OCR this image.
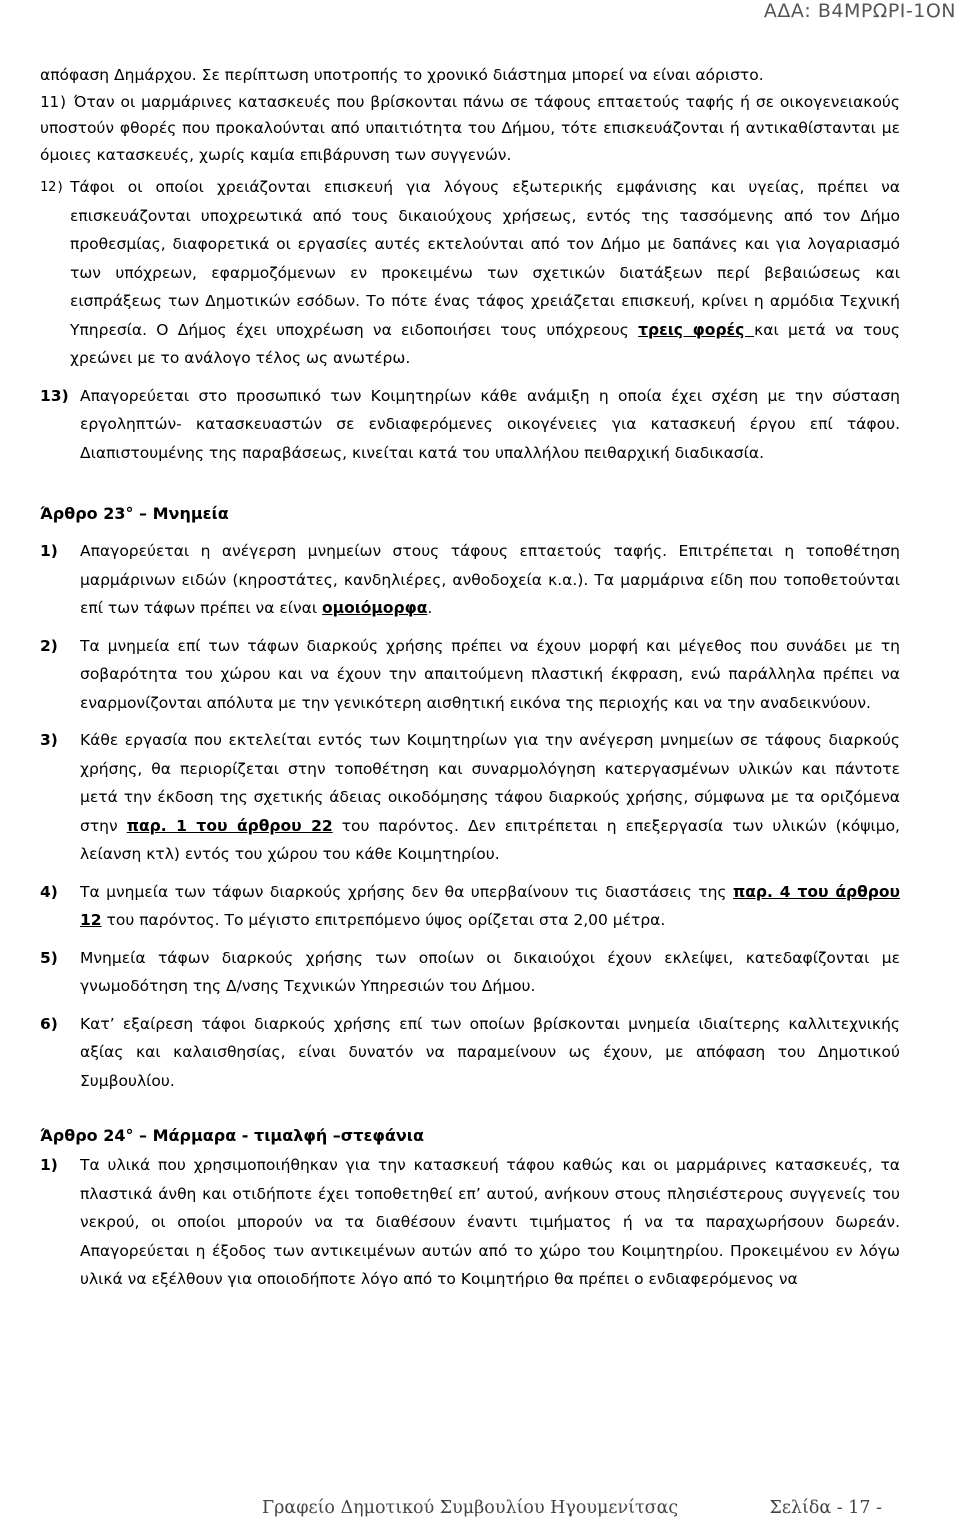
ΑΔΑ: Β4ΜΡΩΡΙ-1ΟΝ

απόφαση Δημάρχου. Σε περίπτωση υποτροπής το χρονικό διάστημα μπορεί να είναι αόριστο.

11) Όταν οι μαρμάρινες κατασκευές που βρίσκονται πάνω σε τάφους επταετούς ταφής ή σε οικογενειακούς υποστούν φθορές που προκαλούνται από υπαιτιότητα του Δήμου, τότε επισκευάζονται ή αντικαθίστανται με όμοιες κατασκευές, χωρίς καμία επιβάρυνση των συγγενών.
12) Τάφοι οι οποίοι χρειάζονται επισκευή για λόγους εξωτερικής εμφάνισης και υγείας, πρέπει να επισκευάζονται υποχρεωτικά από τους δικαιούχους χρήσεως, εντός της τασσόμενης από τον Δήμο προθεσμίας, διαφορετικά οι εργασίες αυτές εκτελούνται από τον Δήμο με δαπάνες και για λογαριασμό των υπόχρεων, εφαρμοζόμενων εν προκειμένω των σχετικών διατάξεων περί βεβαιώσεως και εισπράξεως των Δημοτικών εσόδων. Το πότε ένας τάφος χρειάζεται επισκευή, κρίνει η αρμόδια Τεχνική Υπηρεσία. Ο Δήμος έχει υποχρέωση να ειδοποιήσει τους υπόχρεους τρεις φορές και μετά να τους χρεώνει με το ανάλογο τέλος ως ανωτέρω.
13) Απαγορεύεται στο προσωπικό των Κοιμητηρίων κάθε ανάμιξη η οποία έχει σχέση με την σύσταση εργοληπτών- κατασκευαστών σε ενδιαφερόμενες οικογένειες για κατασκευή έργου επί τάφου. Διαπιστουμένης της παραβάσεως, κινείται κατά του υπαλλήλου πειθαρχική διαδικασία.
Άρθρο 23° – Μνημεία
1)	Απαγορεύεται η ανέγερση μνημείων στους τάφους επταετούς ταφής. Επιτρέπεται η τοποθέτηση μαρμάρινων ειδών (κηροστάτες, κανδηλιέρες, ανθοδοχεία κ.α.). Τα μαρμάρινα είδη που τοποθετούνται επί των τάφων πρέπει να είναι ομοιόμορφα.
2)	Τα μνημεία επί των τάφων διαρκούς χρήσης πρέπει να έχουν μορφή και μέγεθος που συνάδει με τη σοβαρότητα του χώρου και να έχουν την απαιτούμενη πλαστική έκφραση, ενώ παράλληλα πρέπει να εναρμονίζονται απόλυτα με την γενικότερη αισθητική εικόνα της περιοχής και να την αναδεικνύουν.
3)	Κάθε εργασία που εκτελείται εντός των Κοιμητηρίων για την ανέγερση μνημείων σε τάφους διαρκούς χρήσης, θα περιορίζεται στην τοποθέτηση και συναρμολόγηση κατεργασμένων υλικών και πάντοτε μετά την έκδοση της σχετικής άδειας οικοδόμησης τάφου διαρκούς χρήσης, σύμφωνα με τα οριζόμενα στην παρ. 1 του άρθρου 22 του παρόντος. Δεν επιτρέπεται η επεξεργασία των υλικών (κόψιμο, λείανση κτλ) εντός του χώρου του κάθε Κοιμητηρίου.
4)	Τα μνημεία των τάφων διαρκούς χρήσης δεν θα υπερβαίνουν τις διαστάσεις της παρ. 4 του άρθρου 12 του παρόντος. Το μέγιστο επιτρεπόμενο ύψος ορίζεται στα 2,00 μέτρα.
5)	Μνημεία τάφων διαρκούς χρήσης των οποίων οι δικαιούχοι έχουν εκλείψει, κατεδαφίζονται με γνωμοδότηση της Δ/νσης Τεχνικών Υπηρεσιών του Δήμου.
6)	Κατ’ εξαίρεση τάφοι διαρκούς χρήσης επί των οποίων βρίσκονται μνημεία ιδιαίτερης καλλιτεχνικής αξίας και καλαισθησίας, είναι δυνατόν να παραμείνουν ως έχουν, με απόφαση του Δημοτικού Συμβουλίου.
Άρθρο 24° – Μάρμαρα - τιμαλφή –στεφάνια
1)	Τα υλικά που χρησιμοποιήθηκαν για την κατασκευή τάφου καθώς και οι μαρμάρινες κατασκευές, τα πλαστικά άνθη και οτιδήποτε έχει τοποθετηθεί επ’ αυτού, ανήκουν στους πλησιέστερους συγγενείς του νεκρού, οι οποίοι μπορούν να τα διαθέσουν έναντι τιμήματος ή να τα παραχωρήσουν δωρεάν. Απαγορεύεται η έξοδος των αντικειμένων αυτών από το χώρο του Κοιμητηρίου. Προκειμένου εν λόγω υλικά να εξέλθουν για οποιοδήποτε λόγο από το Κοιμητήριο θα πρέπει ο ενδιαφερόμενος να
Γραφείο Δημοτικού Συμβουλίου Ηγουμενίτσας	Σελίδα - 17 -
